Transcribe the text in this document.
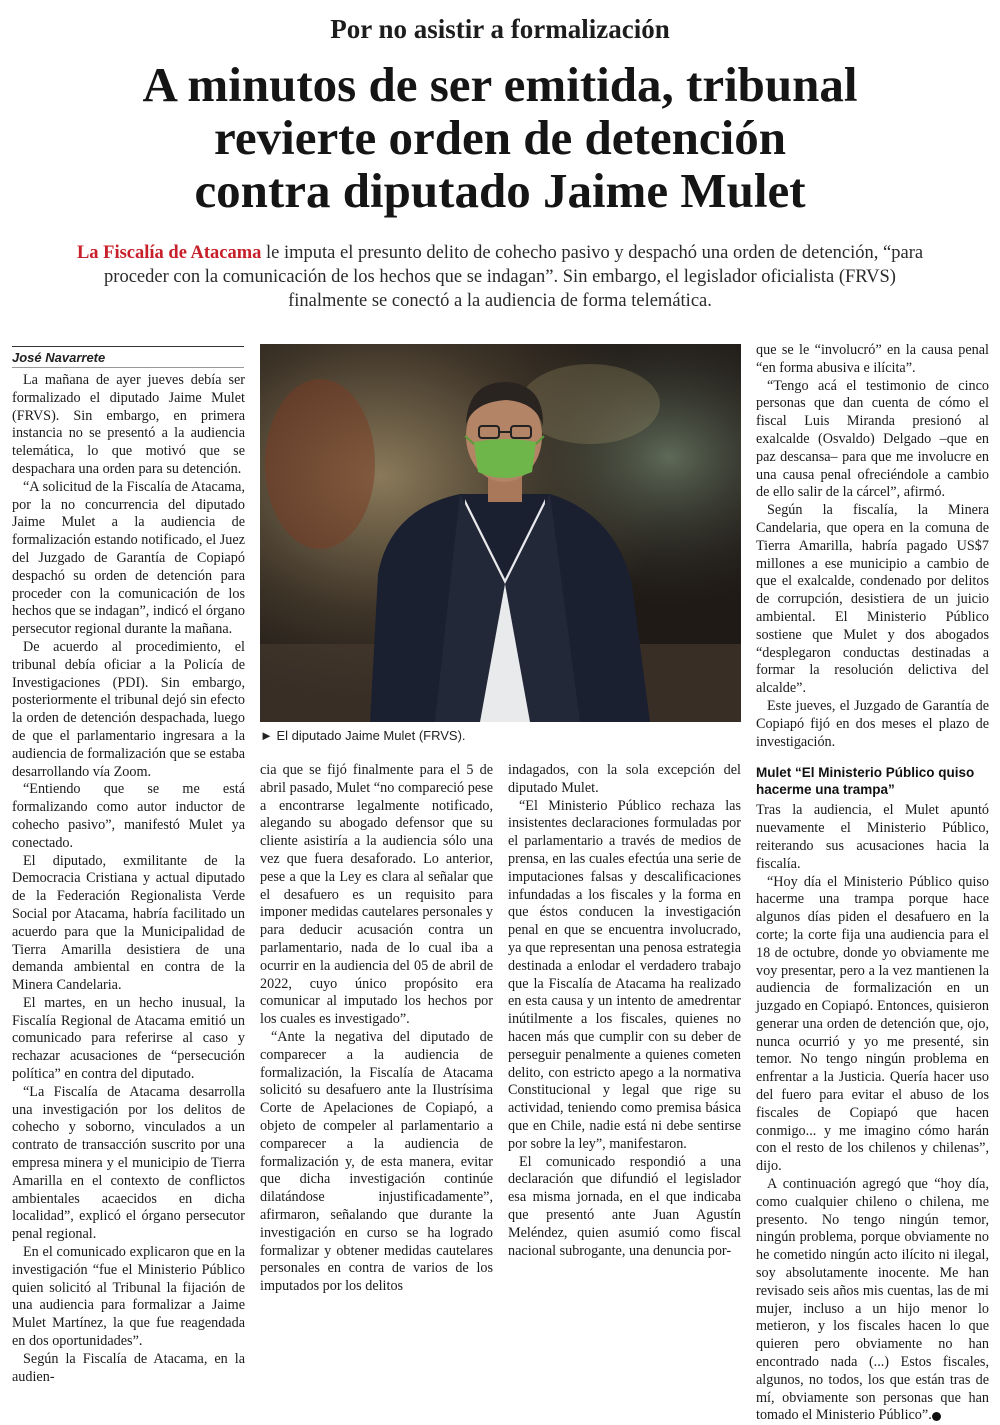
Por no asistir a formalización
A minutos de ser emitida, tribunal
revierte orden de detención
contra diputado Jaime Mulet
La Fiscalía de Atacama le imputa el presunto delito de cohecho pasivo y despachó una orden de detención, “para proceder con la comunicación de los hechos que se indagan”. Sin embargo, el legislador oficialista (FRVS) finalmente se conectó a la audiencia de forma telemática.
José Navarrete

La mañana de ayer jueves debía ser formalizado el diputado Jaime Mulet (FRVS). Sin embargo, en primera instancia no se presentó a la audiencia telemática, lo que motivó que se despachara una orden para su detención.

“A solicitud de la Fiscalía de Atacama, por la no concurrencia del diputado Jaime Mulet a la audiencia de formalización estando notificado, el Juez del Juzgado de Garantía de Copiapó despachó su orden de detención para proceder con la comunicación de los hechos que se indagan”, indicó el órgano persecutor regional durante la mañana.

De acuerdo al procedimiento, el tribunal debía oficiar a la Policía de Investigaciones (PDI). Sin embargo, posteriormente el tribunal dejó sin efecto la orden de detención despachada, luego de que el parlamentario ingresara a la audiencia de formalización que se estaba desarrollando vía Zoom.

“Entiendo que se me está formalizando como autor inductor de cohecho pasivo”, manifestó Mulet ya conectado.

El diputado, exmilitante de la Democracia Cristiana y actual diputado de la Federación Regionalista Verde Social por Atacama, habría facilitado un acuerdo para que la Municipalidad de Tierra Amarilla desistiera de una demanda ambiental en contra de la Minera Candelaria.

El martes, en un hecho inusual, la Fiscalía Regional de Atacama emitió un comunicado para referirse al caso y rechazar acusaciones de “persecución política” en contra del diputado.

“La Fiscalía de Atacama desarrolla una investigación por los delitos de cohecho y soborno, vinculados a un contrato de transacción suscrito por una empresa minera y el municipio de Tierra Amarilla en el contexto de conflictos ambientales acaecidos en dicha localidad”, explicó el órgano persecutor penal regional.

En el comunicado explicaron que en la investigación “fue el Ministerio Público quien solicitó al Tribunal la fijación de una audiencia para formalizar a Jaime Mulet Martínez, la que fue reagendada en dos oportunidades”.

Según la Fiscalía de Atacama, en la audien-

► El diputado Jaime Mulet (FRVS).

cia que se fijó finalmente para el 5 de abril pasado, Mulet “no compareció pese a encontrarse legalmente notificado, alegando su abogado defensor que su cliente asistiría a la audiencia sólo una vez que fuera desaforado. Lo anterior, pese a que la Ley es clara al señalar que el desafuero es un requisito para imponer medidas cautelares personales y para deducir acusación contra un parlamentario, nada de lo cual iba a ocurrir en la audiencia del 05 de abril de 2022, cuyo único propósito era comunicar al imputado los hechos por los cuales es investigado”.

“Ante la negativa del diputado de comparecer a la audiencia de formalización, la Fiscalía de Atacama solicitó su desafuero ante la Ilustrísima Corte de Apelaciones de Copiapó, a objeto de compeler al parlamentario a comparecer a la audiencia de formalización y, de esta manera, evitar que dicha investigación continúe dilatándose injustificadamente”, afirmaron, señalando que durante la investigación en curso se ha logrado formalizar y obtener medidas cautelares personales en contra de varios de los imputados por los delitos

indagados, con la sola excepción del diputado Mulet.

“El Ministerio Público rechaza las insistentes declaraciones formuladas por el parlamentario a través de medios de prensa, en las cuales efectúa una serie de imputaciones falsas y descalificaciones infundadas a los fiscales y la forma en que éstos conducen la investigación penal en que se encuentra involucrado, ya que representan una penosa estrategia destinada a enlodar el verdadero trabajo que la Fiscalía de Atacama ha realizado en esta causa y un intento de amedrentar inútilmente a los fiscales, quienes no hacen más que cumplir con su deber de perseguir penalmente a quienes cometen delito, con estricto apego a la normativa Constitucional y legal que rige su actividad, teniendo como premisa básica que en Chile, nadie está ni debe sentirse por sobre la ley”, manifestaron.

El comunicado respondió a una declaración que difundió el legislador esa misma jornada, en el que indicaba que presentó ante Juan Agustín Meléndez, quien asumió como fiscal nacional subrogante, una denuncia por-

que se le “involucró” en la causa penal “en forma abusiva e ilícita”.

“Tengo acá el testimonio de cinco personas que dan cuenta de cómo el fiscal Luis Miranda presionó al exalcalde (Osvaldo) Delgado –que en paz descansa– para que me involucre en una causa penal ofreciéndole a cambio de ello salir de la cárcel”, afirmó.

Según la fiscalía, la Minera Candelaria, que opera en la comuna de Tierra Amarilla, habría pagado US$7 millones a ese municipio a cambio de que el exalcalde, condenado por delitos de corrupción, desistiera de un juicio ambiental. El Ministerio Público sostiene que Mulet y dos abogados “desplegaron conductas destinadas a formar la resolución delictiva del alcalde”.

Este jueves, el Juzgado de Garantía de Copiapó fijó en dos meses el plazo de investigación.

Mulet “El Ministerio Público quiso hacerme una trampa”

Tras la audiencia, el Mulet apuntó nuevamente el Ministerio Público, reiterando sus acusaciones hacia la fiscalía.

“Hoy día el Ministerio Público quiso hacerme una trampa porque hace algunos días piden el desafuero en la corte; la corte fija una audiencia para el 18 de octubre, donde yo obviamente me voy presentar, pero a la vez mantienen la audiencia de formalización en un juzgado en Copiapó. Entonces, quisieron generar una orden de detención que, ojo, nunca ocurrió y yo me presenté, sin temor. No tengo ningún problema en enfrentar a la Justicia. Quería hacer uso del fuero para evitar el abuso de los fiscales de Copiapó que hacen conmigo... y me imagino cómo harán con el resto de los chilenos y chilenas”, dijo.

A continuación agregó que “hoy día, como cualquier chileno o chilena, me presento. No tengo ningún temor, ningún problema, porque obviamente no he cometido ningún acto ilícito ni ilegal, soy absolutamente inocente. Me han revisado seis años mis cuentas, las de mi mujer, incluso a un hijo menor lo metieron, y los fiscales hacen lo que quieren pero obviamente no han encontrado nada (...) Estos fiscales, algunos, no todos, los que están tras de mí, obviamente son personas que han tomado el Ministerio Público”.
